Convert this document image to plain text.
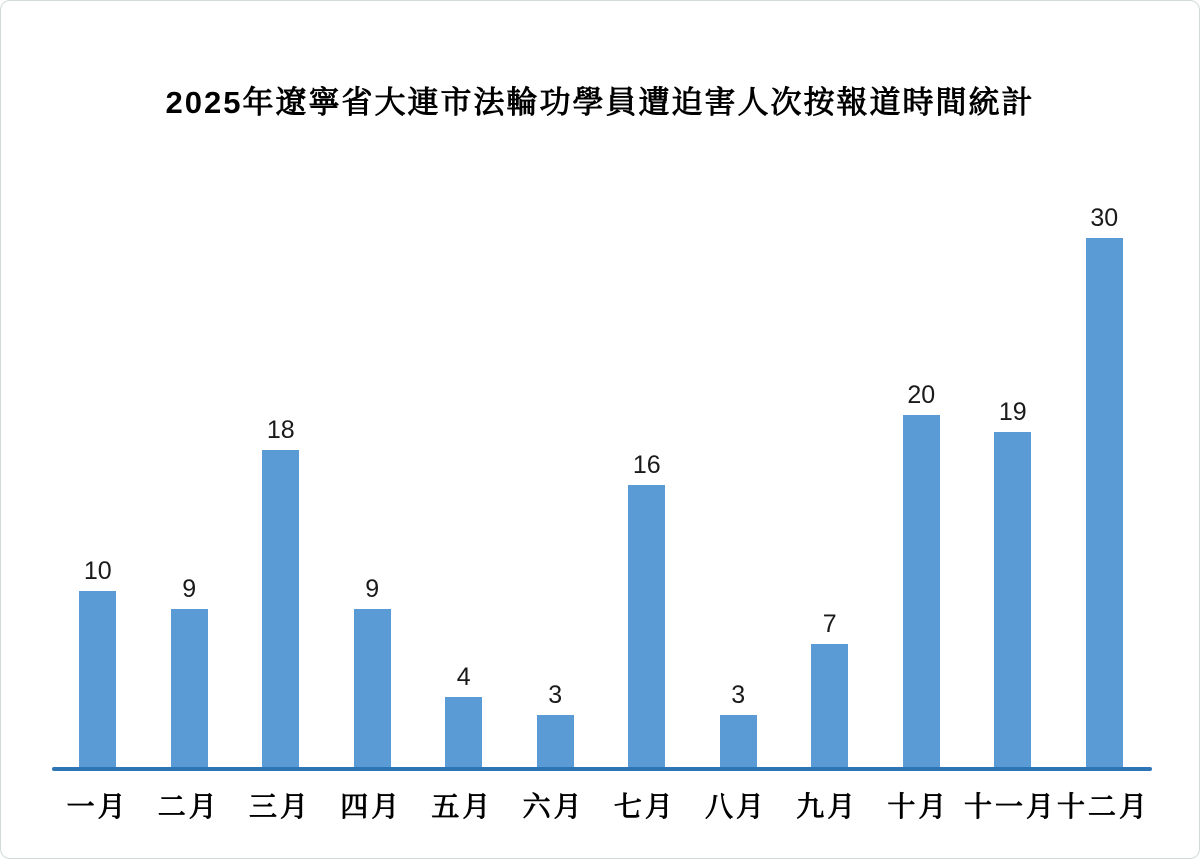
2025年遼寧省大連市法輪功學員遭迫害人次按報道時間統計
10
9
18
9
4
3
16
3
7
20
19
30
一月	二月	三月	四月	五月	六月	七月	八月	九月	十月 十一月 十二月
